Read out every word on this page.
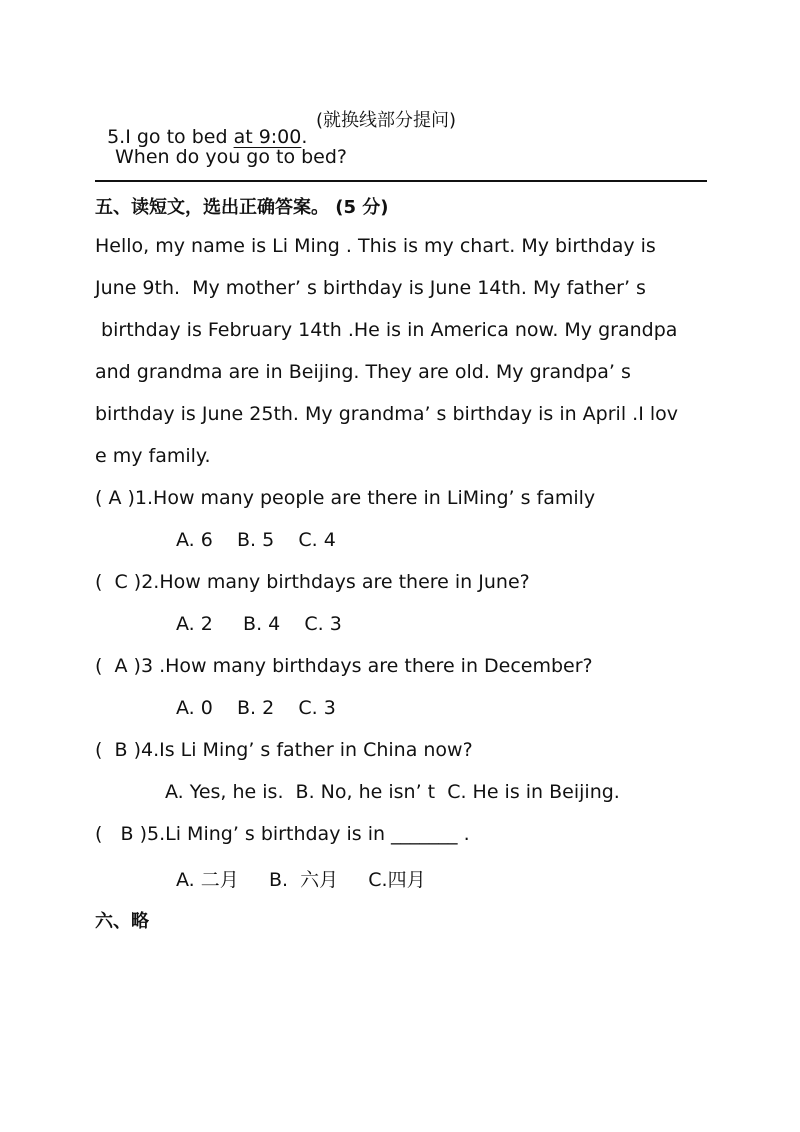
5.I go to bed at 9:00.

(就换线部分提问)
When do you go to bed?
五、读短文，选出正确答案。 (5 分)
Hello, my name is Li Ming . This is my chart. My birthday is
June 9th.  My mother’ s birthday is June 14th. My father’ s
birthday is February 14th .He is in America now. My grandpa
and grandma are in Beijing. They are old. My grandpa’ s
birthday is June 25th. My grandma’ s birthday is in April .I lov
e my family.
( A )1.How many people are there in LiMing’ s family
A. 6    B. 5    C. 4
(  C )2.How many birthdays are there in June?
A. 2     B. 4    C. 3
(  A )3 .How many birthdays are there in December?
A. 0    B. 2    C. 3
(  B )4.Is Li Ming’ s father in China now?
A. Yes, he is.  B. No, he isn’ t  C. He is in Beijing.
(   B )5.Li Ming’ s birthday is in _______ .
A. 二月     B.  六月     C.四月
六、略
